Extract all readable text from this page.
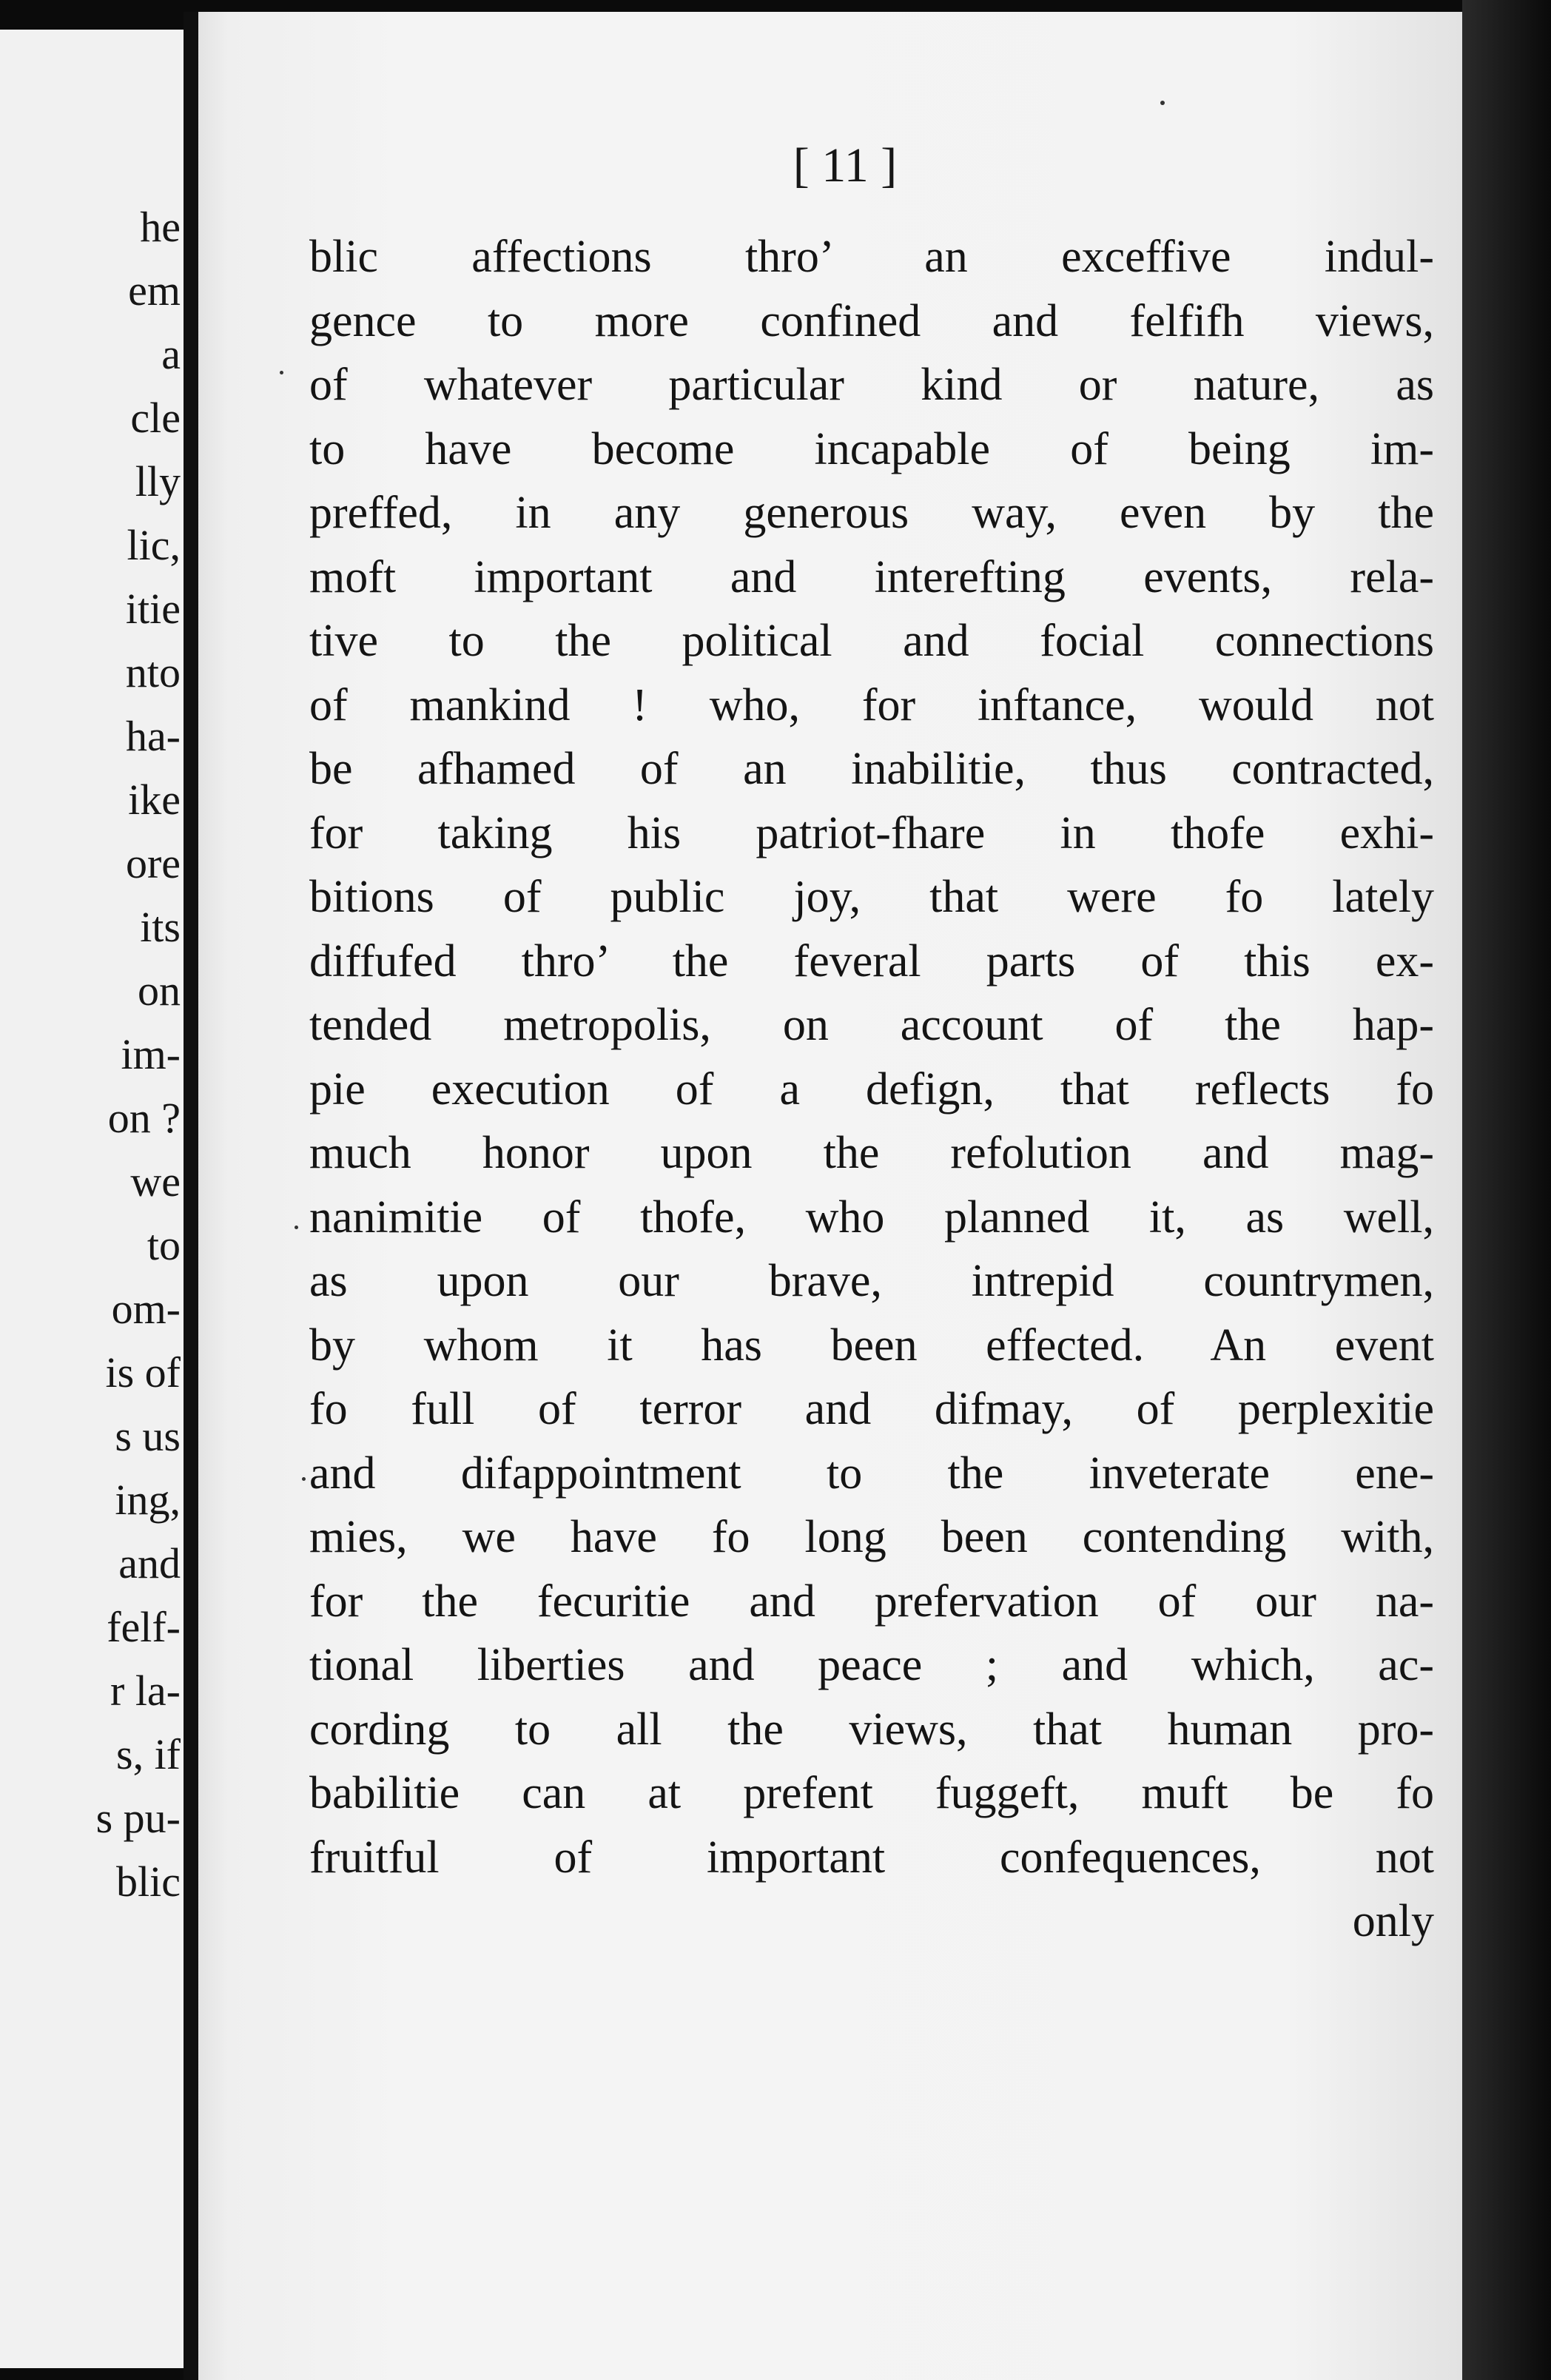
he
em
a
cle
lly
lic,
itie
nto
ha-
ike
ore
its
on
im-
on ?
we
to
om-
is of
s us
ing,
and
felf-
r la-
s, if
s pu-
blic
[ 11 ]
blic affections thro’ an exceffive indul-
gence to more confined and felfifh views,
of whatever particular kind or nature, as
to have become incapable of being im-
preffed, in any generous way, even by the
moft important and interefting events, rela-
tive to the political and focial connections
of mankind ! who, for inftance, would not
be afhamed of an inabilitie, thus contracted,
for taking his patriot-fhare in thofe exhi-
bitions of public joy, that were fo lately
diffufed thro’ the feveral parts of this ex-
tended metropolis, on account of the hap-
pie execution of a defign, that reflects fo
much honor upon the refolution and mag-
nanimitie of thofe, who planned it, as well,
as upon our brave, intrepid countrymen,
by whom it has been effected. An event
fo full of terror and difmay, of perplexitie
and difappointment to the inveterate ene-
mies, we have fo long been contending with,
for the fecuritie and prefervation of our na-
tional liberties and peace ; and which, ac-
cording to all the views, that human pro-
babilitie can at prefent fuggeft, muft be fo
fruitful of important confequences, not
only
